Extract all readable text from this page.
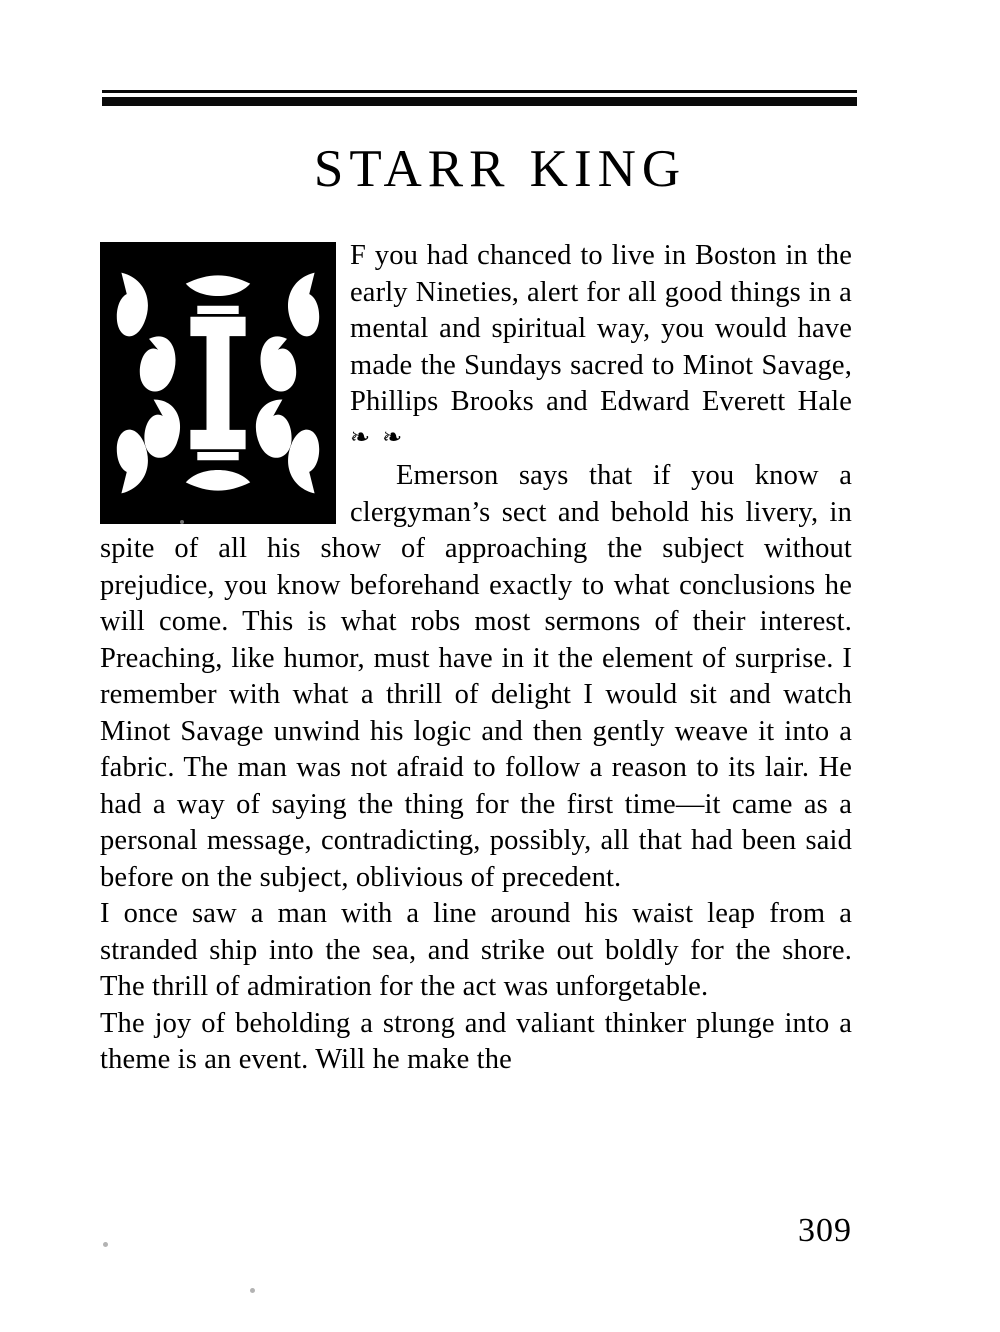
STARR KING

F you had chanced to live in Boston in the early Nineties, alert for all good things in a mental and spiritual way, you would have made the Sundays sacred to Minot Savage, Phillips Brooks and Edward Everett Hale ❧ ❧

Emerson says that if you know a clergyman’s sect and behold his livery, in spite of all his show of approaching the subject without prejudice, you know beforehand exactly to what conclusions he will come. This is what robs most sermons of their interest. Preaching, like humor, must have in it the element of surprise. I remember with what a thrill of delight I would sit and watch Minot Savage unwind his logic and then gently weave it into a fabric. The man was not afraid to follow a reason to its lair. He had a way of saying the thing for the first time—it came as a personal message, contradicting, possibly, all that had been said before on the subject, oblivious of precedent.

I once saw a man with a line around his waist leap from a stranded ship into the sea, and strike out boldly for the shore. The thrill of admiration for the act was unforgetable.

The joy of beholding a strong and valiant thinker plunge into a theme is an event. Will he make the

309
